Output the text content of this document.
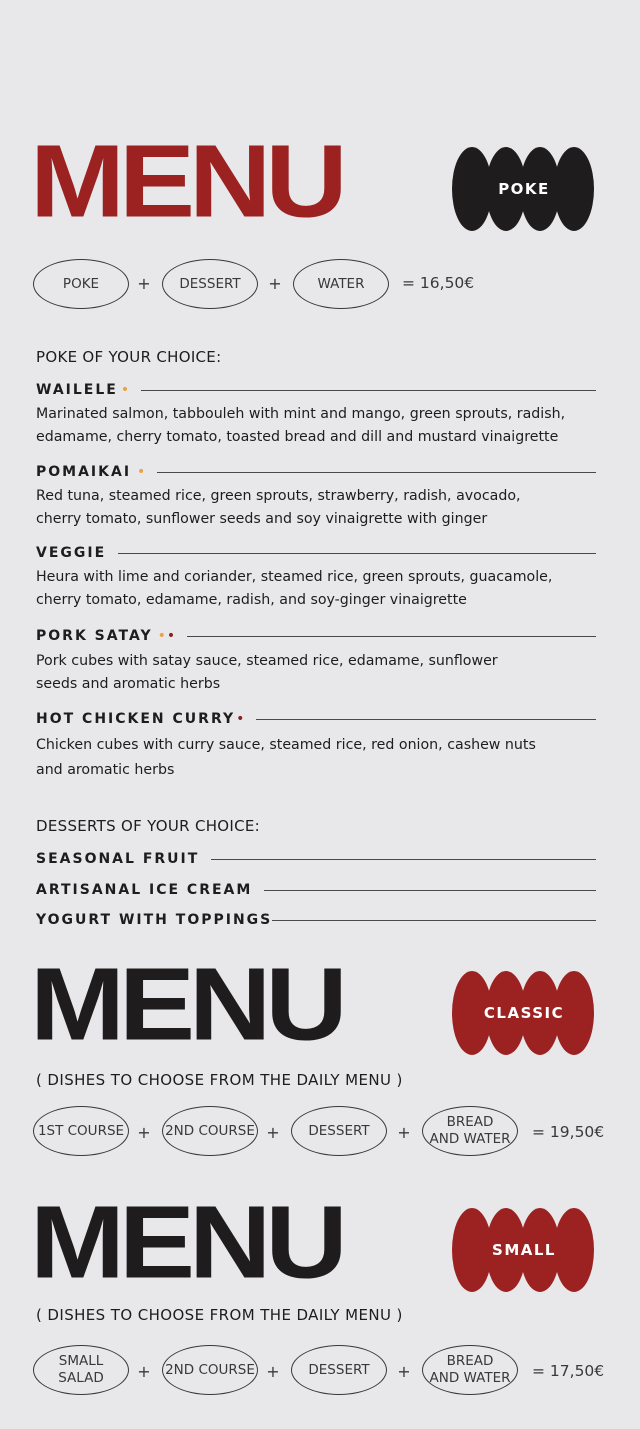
MENU	POKE
POKE	+	DESSERT	+	WATER	= 16,50€
POKE OF YOUR CHOICE:
WAILELE •
Marinated salmon, tabbouleh with mint and mango, green sprouts, radish,
edamame, cherry tomato, toasted bread and dill and mustard vinaigrette
POMAIKAI •
Red tuna, steamed rice, green sprouts, strawberry, radish, avocado,
cherry tomato, sunflower seeds and soy vinaigrette with ginger
VEGGIE
Heura with lime and coriander, steamed rice, green sprouts, guacamole,
cherry tomato, edamame, radish, and soy-ginger vinaigrette
PORK SATAY • •
Pork cubes with satay sauce, steamed rice, edamame, sunflower
seeds and aromatic herbs
HOT CHICKEN CURRY •
Chicken cubes with curry sauce, steamed rice, red onion, cashew nuts
and aromatic herbs
DESSERTS OF YOUR CHOICE:
SEASONAL FRUIT
ARTISANAL ICE CREAM
YOGURT WITH TOPPINGS
MENU	CLASSIC
( DISHES TO CHOOSE FROM THE DAILY MENU )
1ST COURSE + 2ND COURSE + DESSERT +
BREAD
AND WATER = 19,50€
MENU	SMALL
( DISHES TO CHOOSE FROM THE DAILY MENU )
SMALL
SALAD + 2ND COURSE + DESSERT +
BREAD
AND WATER = 17,50€
